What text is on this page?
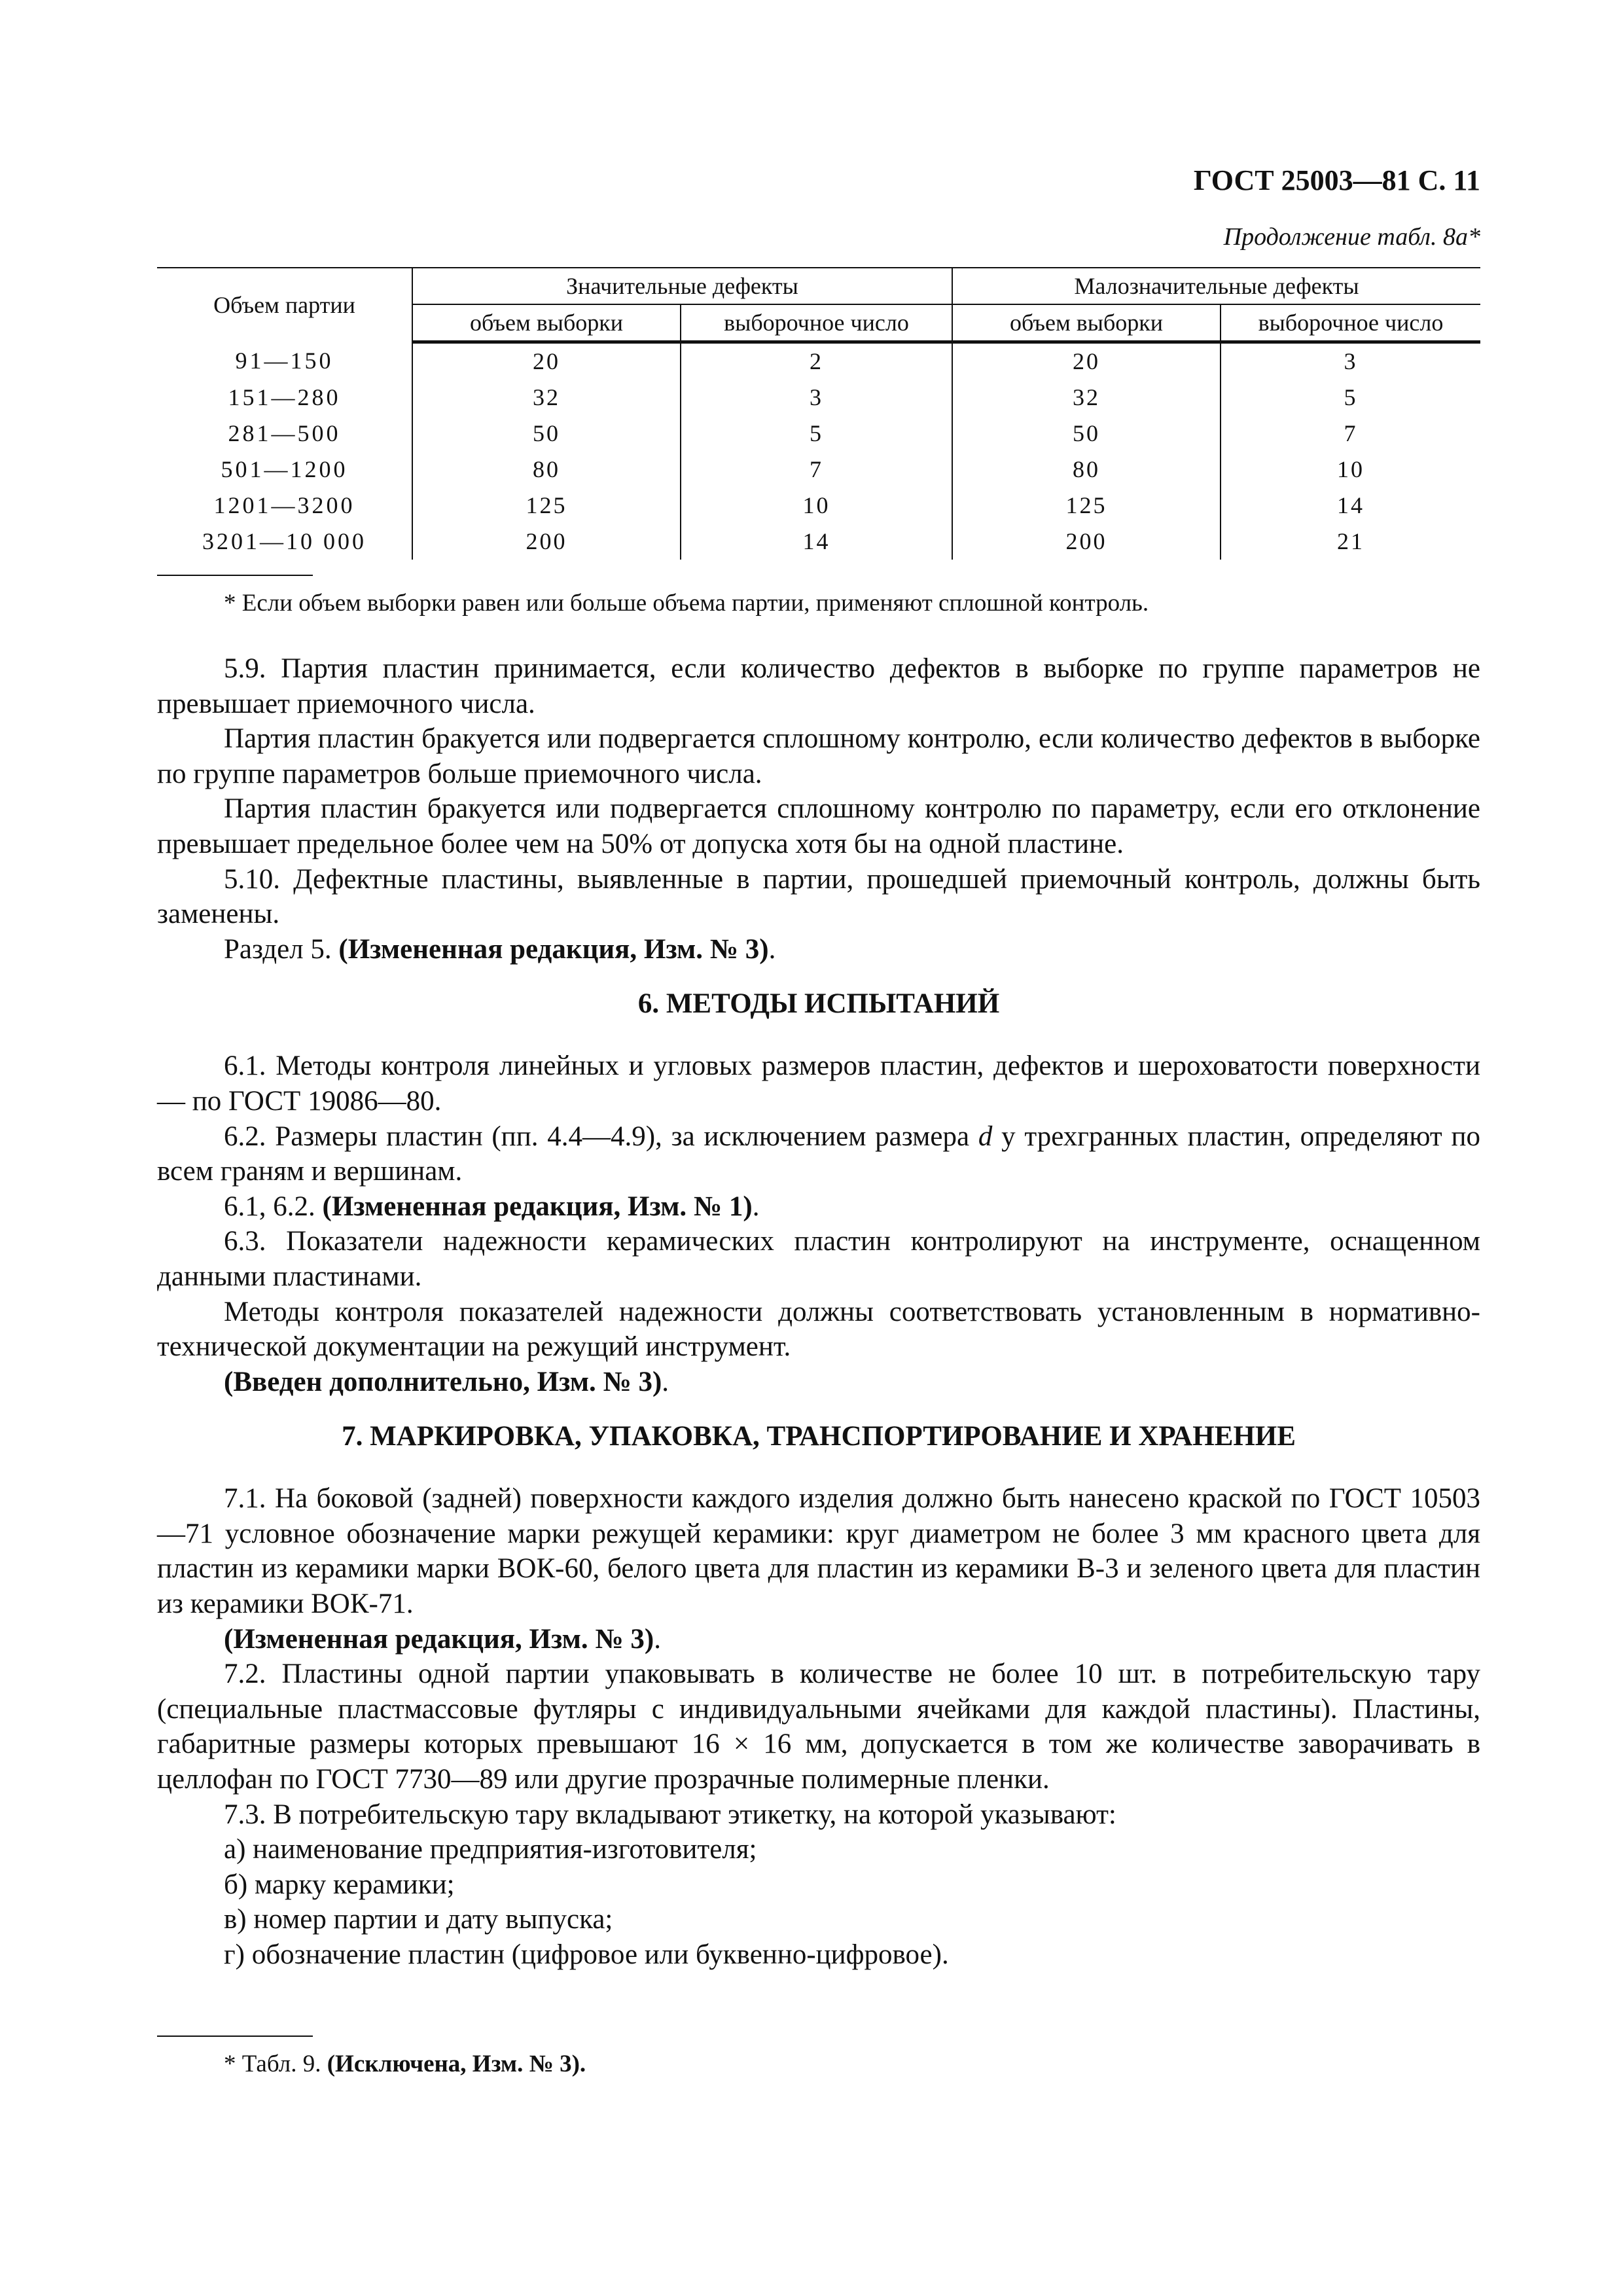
ГОСТ 25003—81 С. 11
Продолжение табл. 8а*
Объем партии	Значительные дефекты		Малозначительные дефекты	
	объем выборки	выборочное число	объем выборки	выборочное число
91—150	20	2	20	3
151—280	32	3	32	5
281—500	50	5	50	7
501—1200	80	7	80	10
1201—3200	125	10	125	14
3201—10 000	200	14	200	21
* Если объем выборки равен или больше объема партии, применяют сплошной контроль.

5.9. Партия пластин принимается, если количество дефектов в выборке по группе параметров не превышает приемочного числа.

Партия пластин бракуется или подвергается сплошному контролю, если количество дефектов в выборке по группе параметров больше приемочного числа.

Партия пластин бракуется или подвергается сплошному контролю по параметру, если его отклонение превышает предельное более чем на 50% от допуска хотя бы на одной пластине.

5.10. Дефектные пластины, выявленные в партии, прошедшей приемочный контроль, должны быть заменены.

Раздел 5. (Измененная редакция, Изм. № 3).

6. МЕТОДЫ ИСПЫТАНИЙ

6.1. Методы контроля линейных и угловых размеров пластин, дефектов и шероховатости поверхности — по ГОСТ 19086—80.

6.2. Размеры пластин (пп. 4.4—4.9), за исключением размера d у трехгранных пластин, определяют по всем граням и вершинам.

6.1, 6.2. (Измененная редакция, Изм. № 1).

6.3. Показатели надежности керамических пластин контролируют на инструменте, оснащенном данными пластинами.

Методы контроля показателей надежности должны соответствовать установленным в нормативно-технической документации на режущий инструмент.

(Введен дополнительно, Изм. № 3).

7. МАРКИРОВКА, УПАКОВКА, ТРАНСПОРТИРОВАНИЕ И ХРАНЕНИЕ

7.1. На боковой (задней) поверхности каждого изделия должно быть нанесено краской по ГОСТ 10503—71 условное обозначение марки режущей керамики: круг диаметром не более 3 мм красного цвета для пластин из керамики марки ВОК-60, белого цвета для пластин из керамики В-3 и зеленого цвета для пластин из керамики ВОК-71.

(Измененная редакция, Изм. № 3).

7.2. Пластины одной партии упаковывать в количестве не более 10 шт. в потребительскую тару (специальные пластмассовые футляры с индивидуальными ячейками для каждой пластины). Пластины, габаритные размеры которых превышают 16 × 16 мм, допускается в том же количестве заворачивать в целлофан по ГОСТ 7730—89 или другие прозрачные полимерные пленки.

7.3. В потребительскую тару вкладывают этикетку, на которой указывают:

а) наименование предприятия-изготовителя;

б) марку керамики;

в) номер партии и дату выпуска;

г) обозначение пластин (цифровое или буквенно-цифровое).

* Табл. 9. (Исключена, Изм. № 3).
